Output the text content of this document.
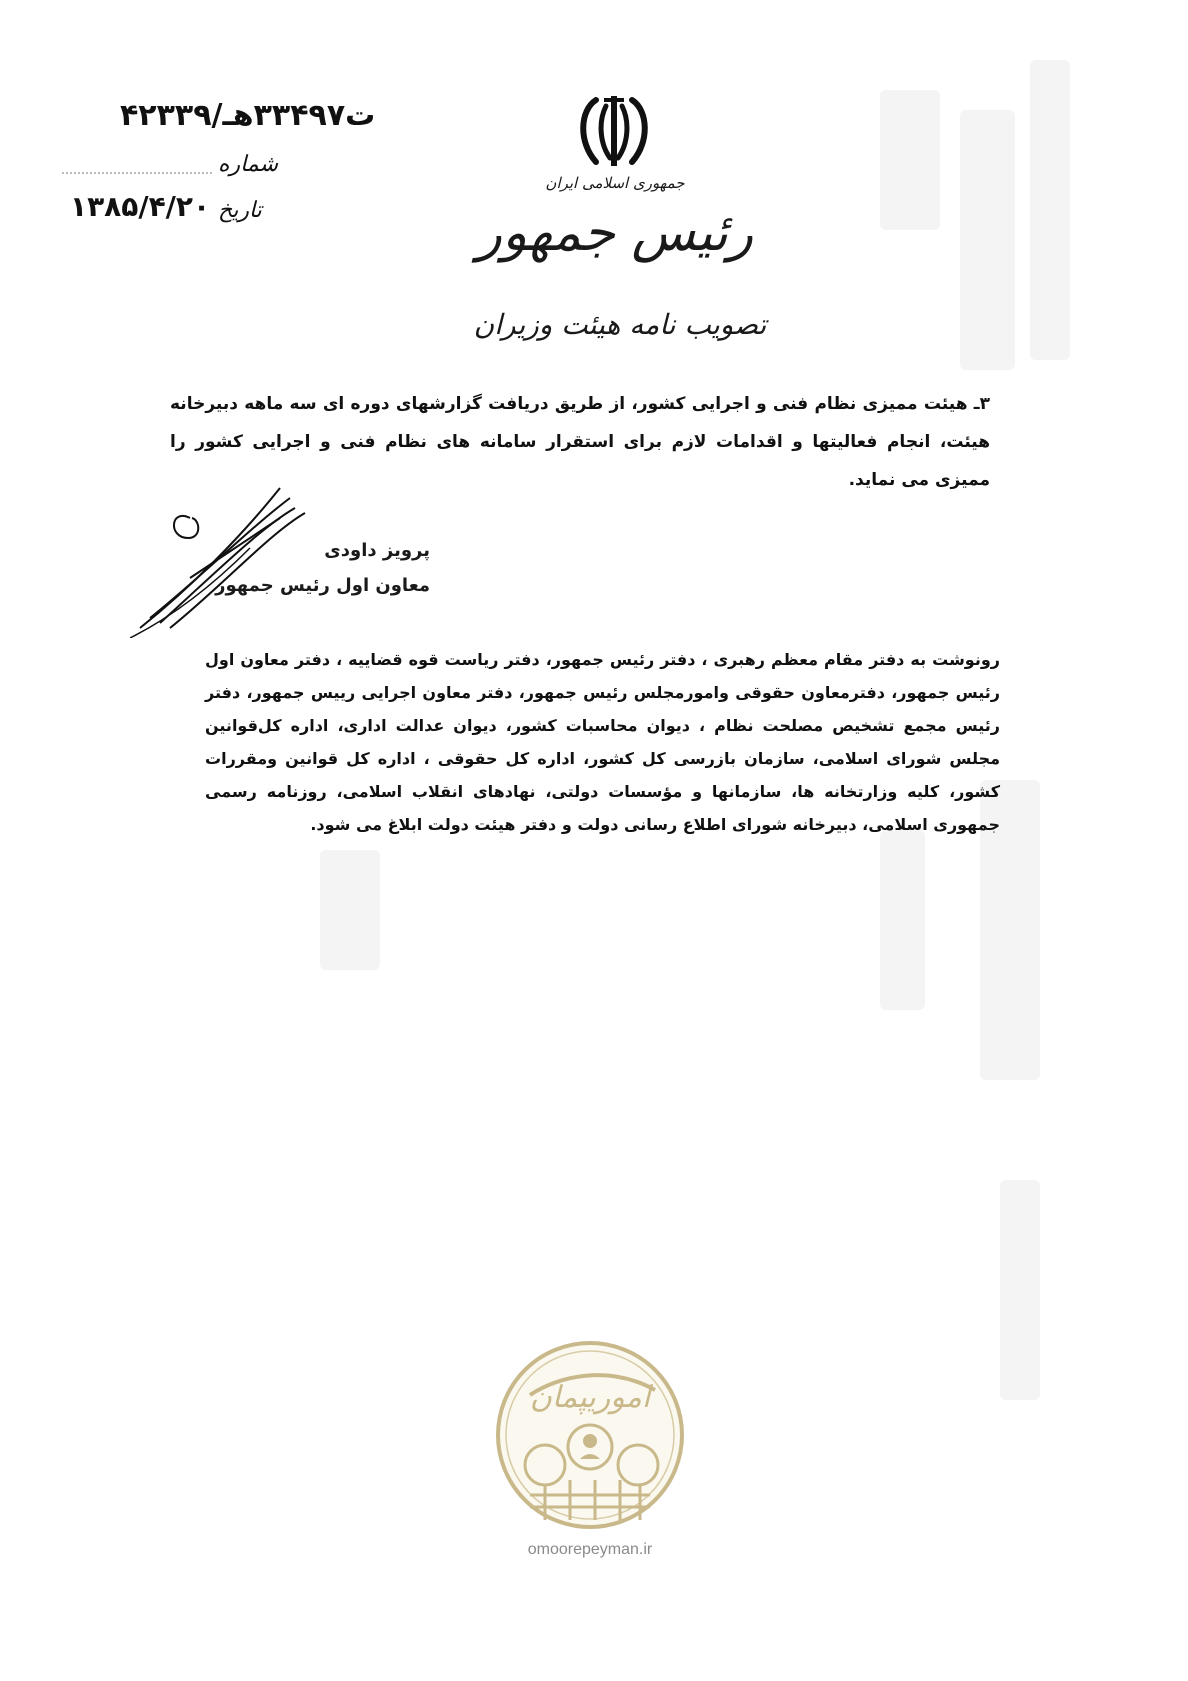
۴۲۳۳۹/ت۳۳۴۹۷هـ
شماره
تاریخ
۱۳۸۵/۴/۲۰
جمهوری اسلامی ایران
رئیس جمهور
تصویب نامه هیئت وزیران
۳ـ هیئت ممیزی نظام فنی و اجرایی کشور، از طریق دریافت گزارشهای دوره ای سه ماهه دبیرخانه هیئت، انجام فعالیتها و اقدامات لازم برای استقرار سامانه های نظام فنی و اجرایی کشور را ممیزی می نماید.
پرویز داودی
معاون اول رئیس جمهور
رونوشت به دفتر مقام معظم رهبری ، دفتر رئیس جمهور، دفتر ریاست قوه قضاییه ، دفتر معاون اول رئیس جمهور، دفترمعاون حقوقی وامورمجلس رئیس جمهور، دفتر معاون اجرایی رییس جمهور، دفتر رئیس مجمع تشخیص مصلحت نظام ، دیوان محاسبات کشور، دیوان عدالت اداری، اداره کل‌قوانین مجلس شورای اسلامی، سازمان بازرسی کل کشور، اداره کل حقوقی ، اداره کل قوانین ومقررات کشور، کلیه وزارتخانه ها، سازمانها و مؤسسات دولتی، نهادهای انقلاب اسلامی، روزنامه رسمی جمهوری اسلامی، دبیرخانه شورای اطلاع رسانی دولت و دفتر هیئت دولت ابلاغ می شود.
اموریپمان
omoorepeyman.ir
